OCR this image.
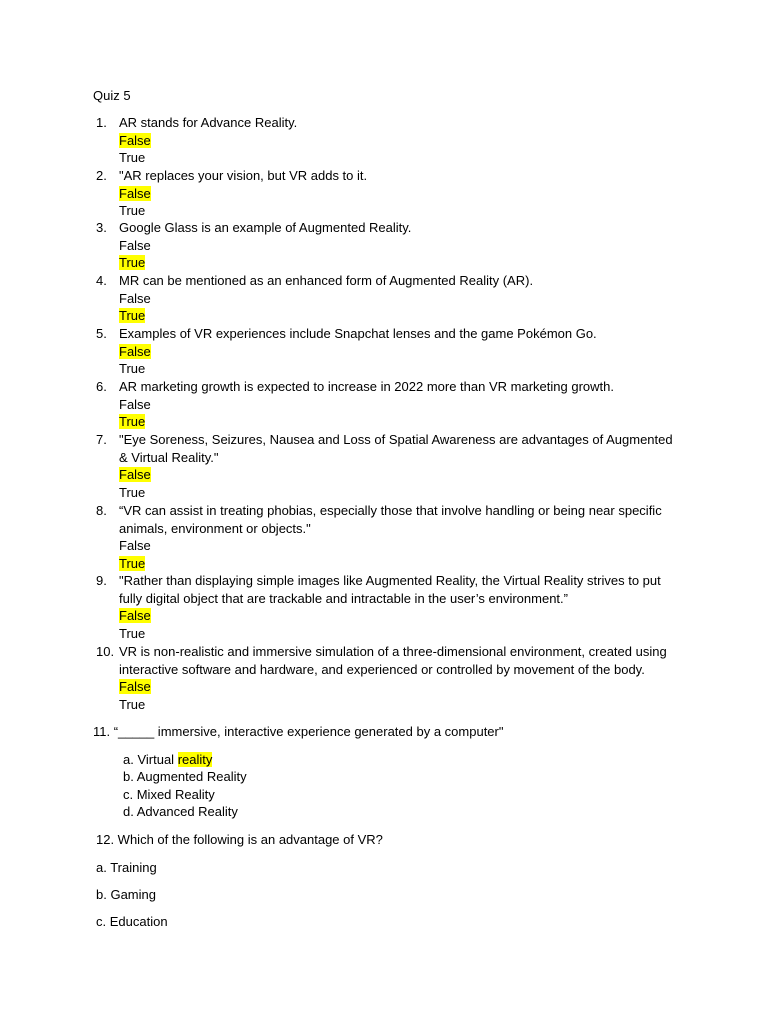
Quiz 5
1. AR stands for Advance Reality.
False
True
2. "AR replaces your vision, but VR adds to it.
False
True
3. Google Glass is an example of Augmented Reality.
False
True
4. MR can be mentioned as an enhanced form of Augmented Reality (AR).
False
True
5. Examples of VR experiences include Snapchat lenses and the game Pokémon Go.
False
True
6. AR marketing growth is expected to increase in 2022 more than VR marketing growth.
False
True
7. "Eye Soreness, Seizures, Nausea and Loss of Spatial Awareness are advantages of Augmented & Virtual Reality."
False
True
8. “VR can assist in treating phobias, especially those that involve handling or being near specific animals, environment or objects."
False
True
9. "Rather than displaying simple images like Augmented Reality, the Virtual Reality strives to put fully digital object that are trackable and intractable in the user’s environment.”
False
True
10. VR is non-realistic and immersive simulation of a three-dimensional environment, created using interactive software and hardware, and experienced or controlled by movement of the body.
False
True
11. “_____ immersive, interactive experience generated by a computer"
a. Virtual reality
b. Augmented Reality
c. Mixed Reality
d. Advanced Reality
12. Which of the following is an advantage of VR?
a. Training
b. Gaming
c. Education
